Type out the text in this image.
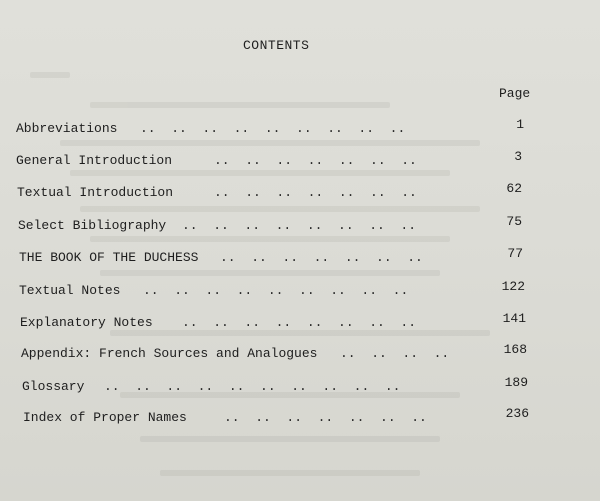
CONTENTS
Page
Abbreviations ..  ..  ..  ..  ..  ..  ..  ..  ..	1
General Introduction	..  ..  ..  ..  ..  ..  ..	3
Textual Introduction	..  ..  ..  ..  ..  ..  ..	62
Select Bibliography ..  ..  ..  ..  ..  ..  ..  ..	75
THE BOOK OF THE DUCHESS ..  ..  ..  ..  ..  ..  ..	77
Textual Notes ..  ..  ..  ..  ..  ..  ..  ..  ..	122
Explanatory Notes ..  ..  ..  ..  ..  ..  ..  ..	141
Appendix: French Sources and Analogues ..  ..  ..  ..	168
Glossary ..  ..  ..  ..  ..  ..  ..  ..  ..  ..	189
Index of Proper Names	..  ..  ..  ..  ..  ..  ..	236
